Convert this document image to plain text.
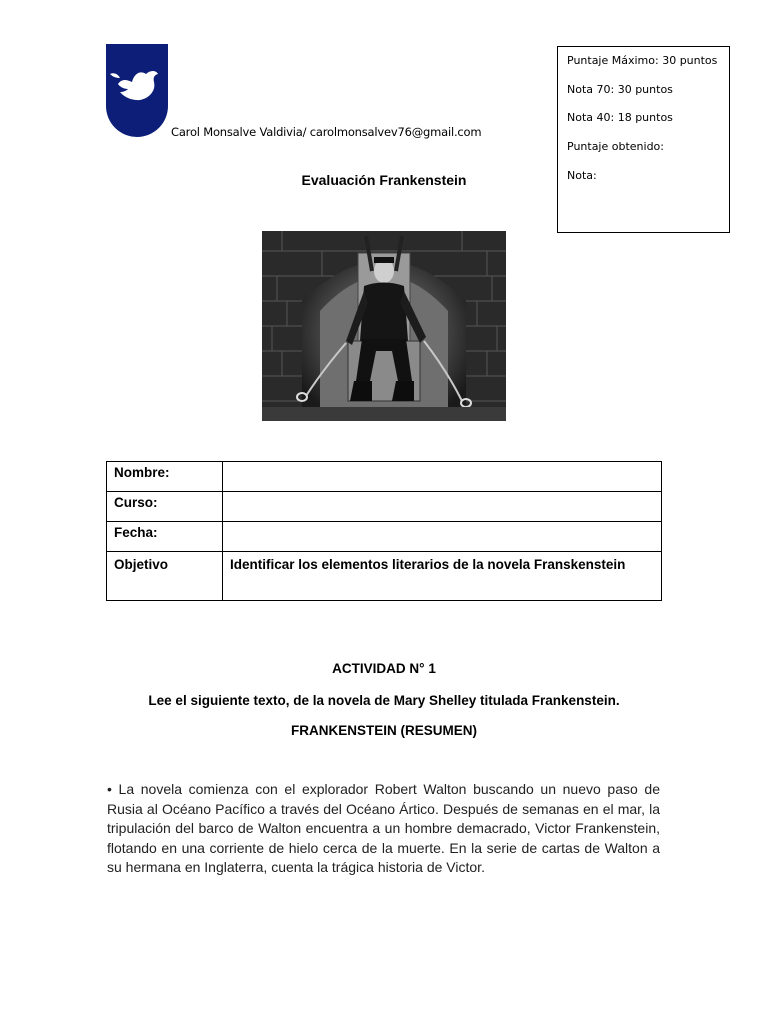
Carol Monsalve Valdivia/ carolmonsalvev76@gmail.com
Puntaje Máximo: 30 puntos
Nota 70: 30 puntos
Nota 40: 18 puntos
Puntaje obtenido:
Nota:
Evaluación Frankenstein
Nombre:	
Curso:	
Fecha:	
Objetivo	Identificar los elementos literarios de la novela Franskenstein
ACTIVIDAD N° 1
Lee el siguiente texto, de la novela de Mary Shelley titulada Frankenstein.
FRANKENSTEIN (RESUMEN)
• La novela comienza con el explorador Robert Walton buscando un nuevo paso de Rusia al Océano Pacífico a través del Océano Ártico. Después de semanas en el mar, la tripulación del barco de Walton encuentra a un hombre demacrado, Victor Frankenstein, flotando en una corriente de hielo cerca de la muerte. En la serie de cartas de Walton a su hermana en Inglaterra, cuenta la trágica historia de Victor.
